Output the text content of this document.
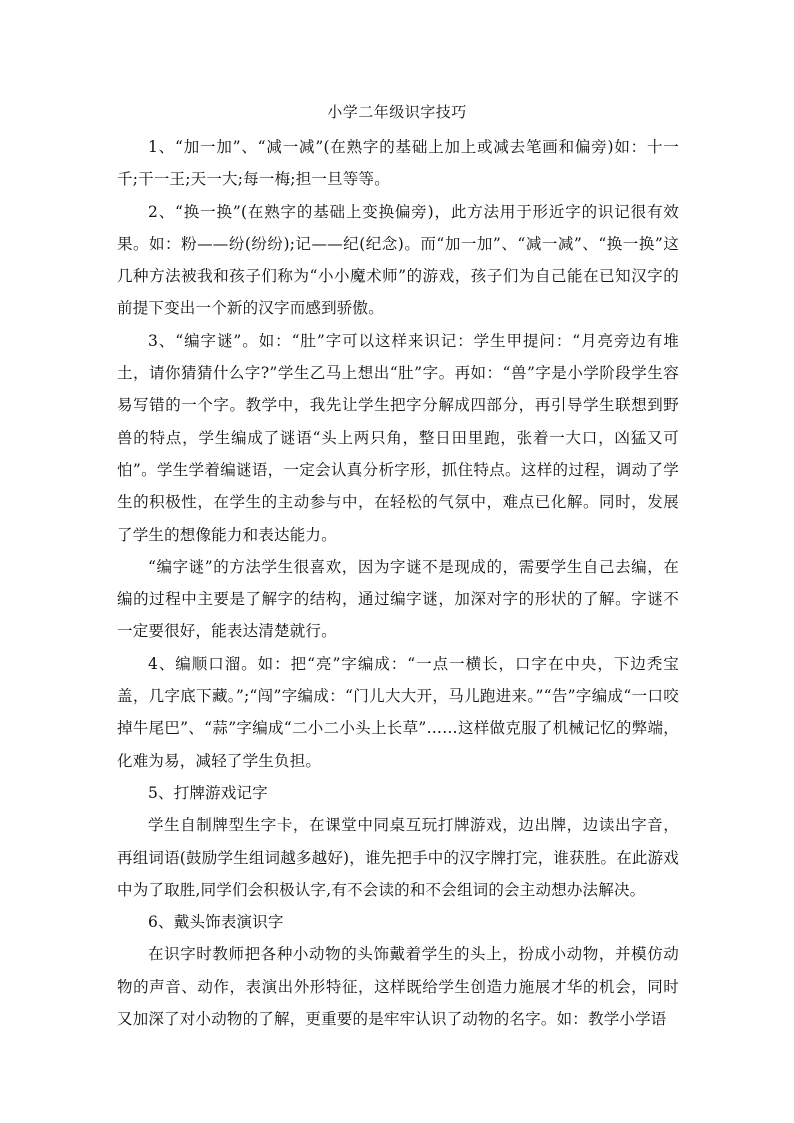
小学二年级识字技巧

1、“加一加”、“减一减”(在熟字的基础上加上或减去笔画和偏旁)如：十一千;干一王;天一大;每一梅;担一旦等等。

2、“换一换”(在熟字的基础上变换偏旁)，此方法用于形近字的识记很有效果。如：粉——纷(纷纷);记——纪(纪念)。而“加一加”、“减一减”、“换一换”这几种方法被我和孩子们称为“小小魔术师”的游戏，孩子们为自己能在已知汉字的前提下变出一个新的汉字而感到骄傲。

3、“编字谜”。如：“肚”字可以这样来识记：学生甲提问：“月亮旁边有堆土，请你猜猜什么字?”学生乙马上想出“肚”字。再如：“兽”字是小学阶段学生容易写错的一个字。教学中，我先让学生把字分解成四部分，再引导学生联想到野兽的特点，学生编成了谜语“头上两只角，整日田里跑，张着一大口，凶猛又可怕”。学生学着编谜语，一定会认真分析字形，抓住特点。这样的过程，调动了学生的积极性，在学生的主动参与中，在轻松的气氛中，难点已化解。同时，发展了学生的想像能力和表达能力。

“编字谜”的方法学生很喜欢，因为字谜不是现成的，需要学生自己去编，在编的过程中主要是了解字的结构，通过编字谜，加深对字的形状的了解。字谜不一定要很好，能表达清楚就行。

4、编顺口溜。如：把“亮”字编成：“一点一横长，口字在中央，下边秃宝盖，几字底下藏。”;“闯”字编成：“门儿大大开，马儿跑进来。”“告”字编成“一口咬掉牛尾巴”、“蒜”字编成“二小二小头上长草”……这样做克服了机械记忆的弊端，化难为易，减轻了学生负担。

5、打牌游戏记字

学生自制牌型生字卡，在课堂中同桌互玩打牌游戏，边出牌，边读出字音，再组词语(鼓励学生组词越多越好)，谁先把手中的汉字牌打完，谁获胜。在此游戏中为了取胜,同学们会积极认字,有不会读的和不会组词的会主动想办法解决。

6、戴头饰表演识字

在识字时教师把各种小动物的头饰戴着学生的头上，扮成小动物，并模仿动物的声音、动作，表演出外形特征，这样既给学生创造力施展才华的机会，同时又加深了对小动物的了解，更重要的是牢牢认识了动物的名字。如：教学小学语
